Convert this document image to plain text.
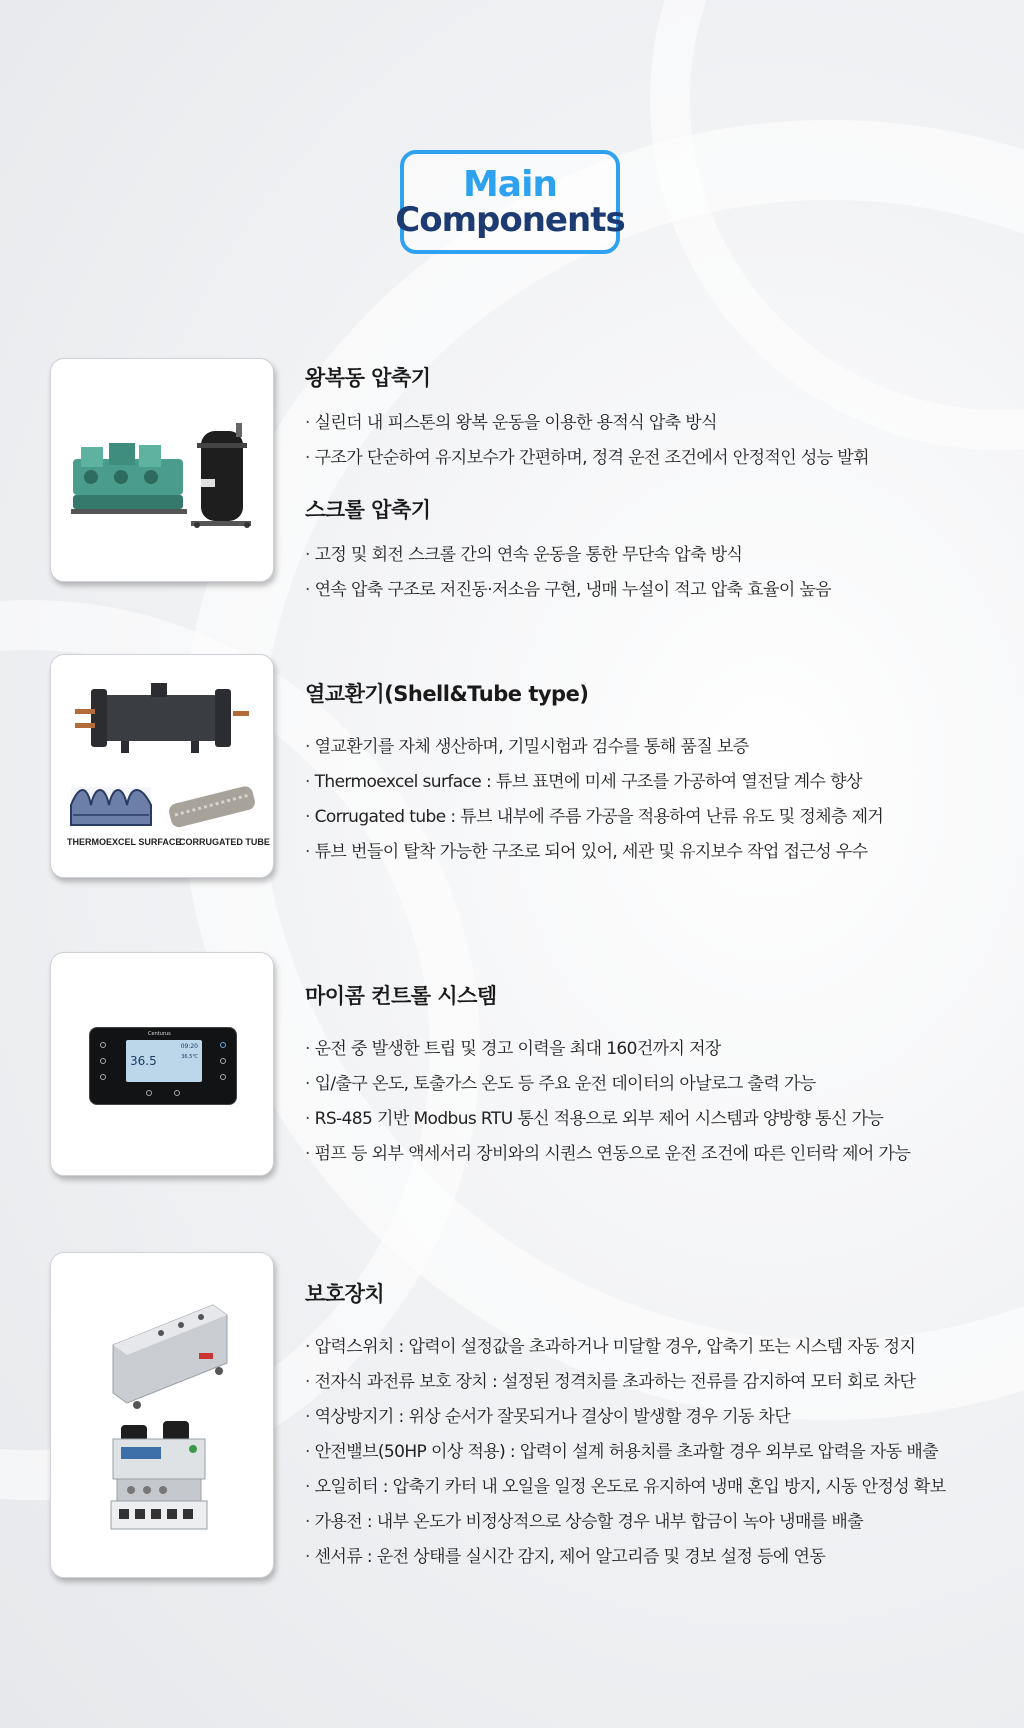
Main
Components
왕복동 압축기
· 실린더 내 피스톤의 왕복 운동을 이용한 용적식 압축 방식
· 구조가 단순하여 유지보수가 간편하며, 정격 운전 조건에서 안정적인 성능 발휘
스크롤 압축기
· 고정 및 회전 스크롤 간의 연속 운동을 통한 무단속 압축 방식
· 연속 압축 구조로 저진동·저소음 구현, 냉매 누설이 적고 압축 효율이 높음
THERMOEXCEL SURFACE
CORRUGATED TUBE
열교환기(Shell&Tube type)
· 열교환기를 자체 생산하며, 기밀시험과 검수를 통해 품질 보증
· Thermoexcel surface : 튜브 표면에 미세 구조를 가공하여 열전달 계수 향상
· Corrugated tube : 튜브 내부에 주름 가공을 적용하여 난류 유도 및 정체층 제거
· 튜브 번들이 탈착 가능한 구조로 되어 있어, 세관 및 유지보수 작업 접근성 우수
Centurus
36.5
09:20
36.5℃
마이콤 컨트롤 시스템
· 운전 중 발생한 트립 및 경고 이력을 최대 160건까지 저장
· 입/출구 온도, 토출가스 온도 등 주요 운전 데이터의 아날로그 출력 가능
· RS-485 기반 Modbus RTU 통신 적용으로 외부 제어 시스템과 양방향 통신 가능
· 펌프 등 외부 액세서리 장비와의 시퀀스 연동으로 운전 조건에 따른 인터락 제어 가능
보호장치
· 압력스위치 : 압력이 설정값을 초과하거나 미달할 경우, 압축기 또는 시스템 자동 정지
· 전자식 과전류 보호 장치 : 설정된 정격치를 초과하는 전류를 감지하여 모터 회로 차단
· 역상방지기 : 위상 순서가 잘못되거나 결상이 발생할 경우 기동 차단
· 안전밸브(50HP 이상 적용) : 압력이 설계 허용치를 초과할 경우 외부로 압력을 자동 배출
· 오일히터 : 압축기 카터 내 오일을 일정 온도로 유지하여 냉매 혼입 방지, 시동 안정성 확보
· 가용전 : 내부 온도가 비정상적으로 상승할 경우 내부 합금이 녹아 냉매를 배출
· 센서류 : 운전 상태를 실시간 감지, 제어 알고리즘 및 경보 설정 등에 연동
